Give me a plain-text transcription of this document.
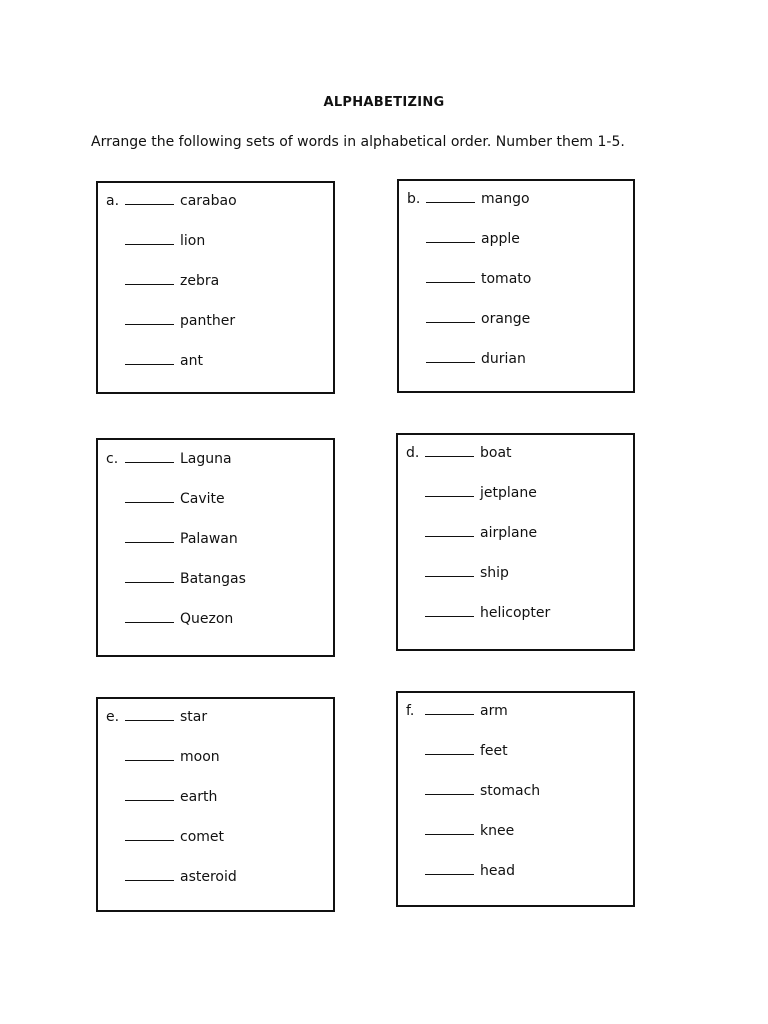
ALPHABETIZING
Arrange the following sets of words in alphabetical order. Number them 1-5.
a.	carabao
lion
zebra
panther
ant
b.	mango
apple
tomato
orange
durian
c.	Laguna
Cavite
Palawan
Batangas
Quezon
d.	boat
jetplane
airplane
ship
helicopter
e.	star
moon
earth
comet
asteroid
f.	arm
feet
stomach
knee
head
